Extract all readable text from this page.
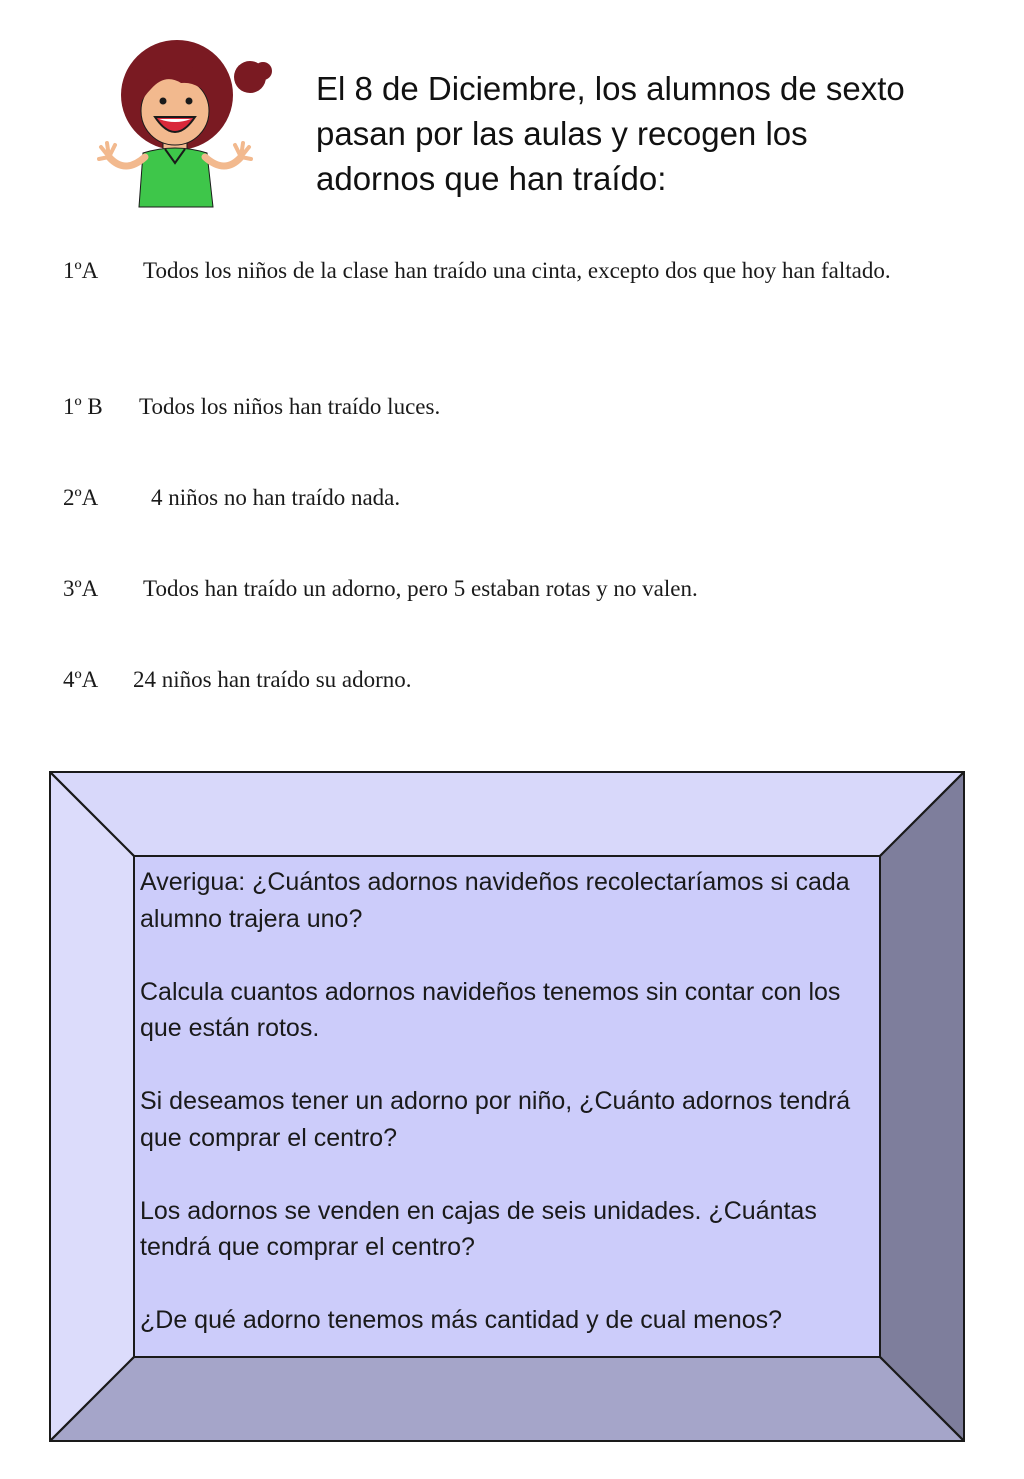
El 8 de Diciembre, los alumnos de sexto pasan por las aulas y recogen los adornos que han traído:
1ºA Todos los niños de la clase han traído una cinta, excepto dos que hoy han faltado.
1º B Todos los niños han traído luces.
2ºA 4 niños no han traído nada.
3ºA Todos han traído un adorno, pero 5 estaban rotas y no valen.
4ºA 24 niños han traído su adorno.

Averigua: ¿Cuántos adornos navideños recolectaríamos si cada alumno trajera uno?

Calcula cuantos adornos navideños tenemos sin contar con los que están rotos.

Si deseamos tener un adorno por niño, ¿Cuánto adornos tendrá que comprar el centro?

Los adornos se venden en cajas de seis unidades. ¿Cuántas tendrá que comprar el centro?

¿De qué adorno tenemos más cantidad y de cual menos?
